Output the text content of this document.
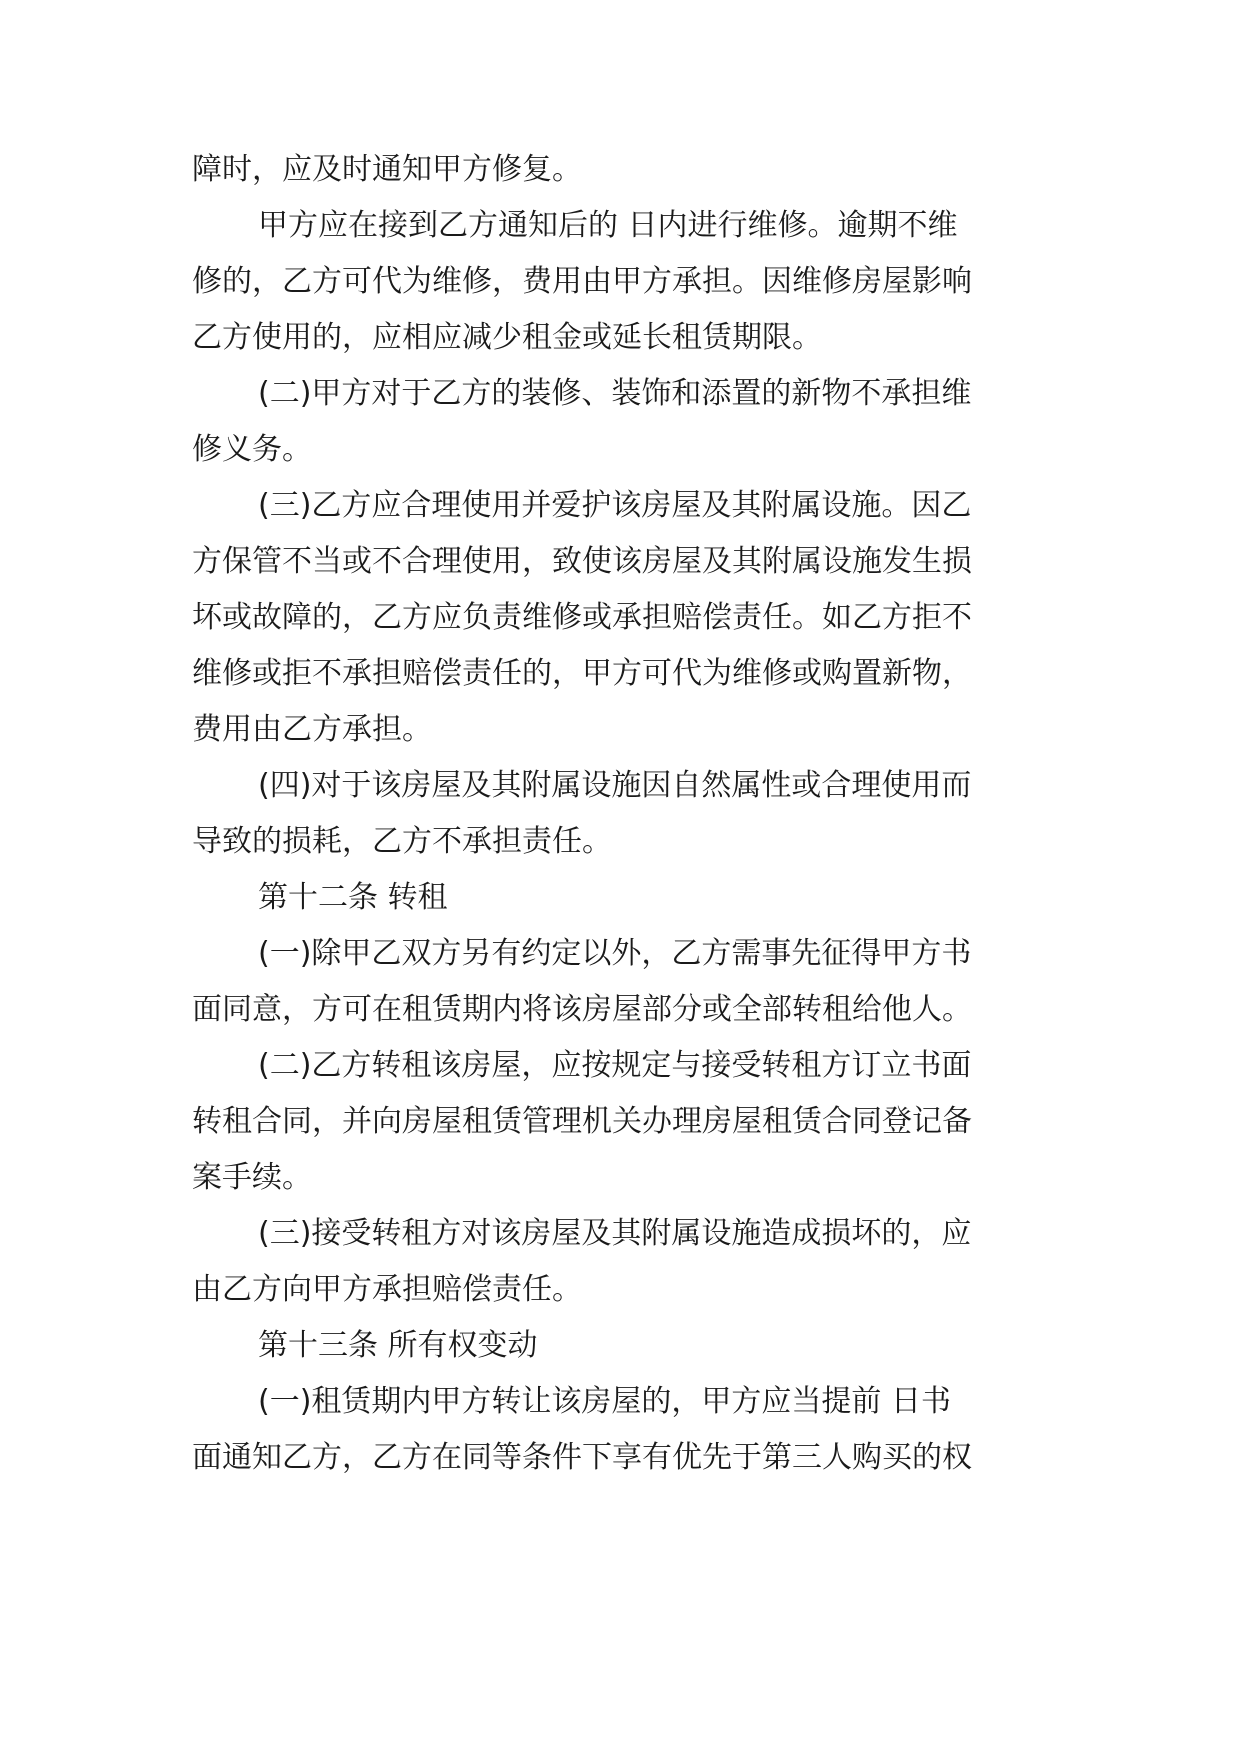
障时，应及时通知甲方修复。
甲方应在接到乙方通知后的 日内进行维修。逾期不维
修的，乙方可代为维修，费用由甲方承担。因维修房屋影响
乙方使用的，应相应减少租金或延长租赁期限。
(二)甲方对于乙方的装修、装饰和添置的新物不承担维
修义务。
(三)乙方应合理使用并爱护该房屋及其附属设施。因乙
方保管不当或不合理使用，致使该房屋及其附属设施发生损
坏或故障的，乙方应负责维修或承担赔偿责任。如乙方拒不
维修或拒不承担赔偿责任的，甲方可代为维修或购置新物，
费用由乙方承担。
(四)对于该房屋及其附属设施因自然属性或合理使用而
导致的损耗，乙方不承担责任。
第十二条 转租
(一)除甲乙双方另有约定以外，乙方需事先征得甲方书
面同意，方可在租赁期内将该房屋部分或全部转租给他人。
(二)乙方转租该房屋，应按规定与接受转租方订立书面
转租合同，并向房屋租赁管理机关办理房屋租赁合同登记备
案手续。
(三)接受转租方对该房屋及其附属设施造成损坏的，应
由乙方向甲方承担赔偿责任。
第十三条 所有权变动
(一)租赁期内甲方转让该房屋的，甲方应当提前 日书
面通知乙方，乙方在同等条件下享有优先于第三人购买的权
